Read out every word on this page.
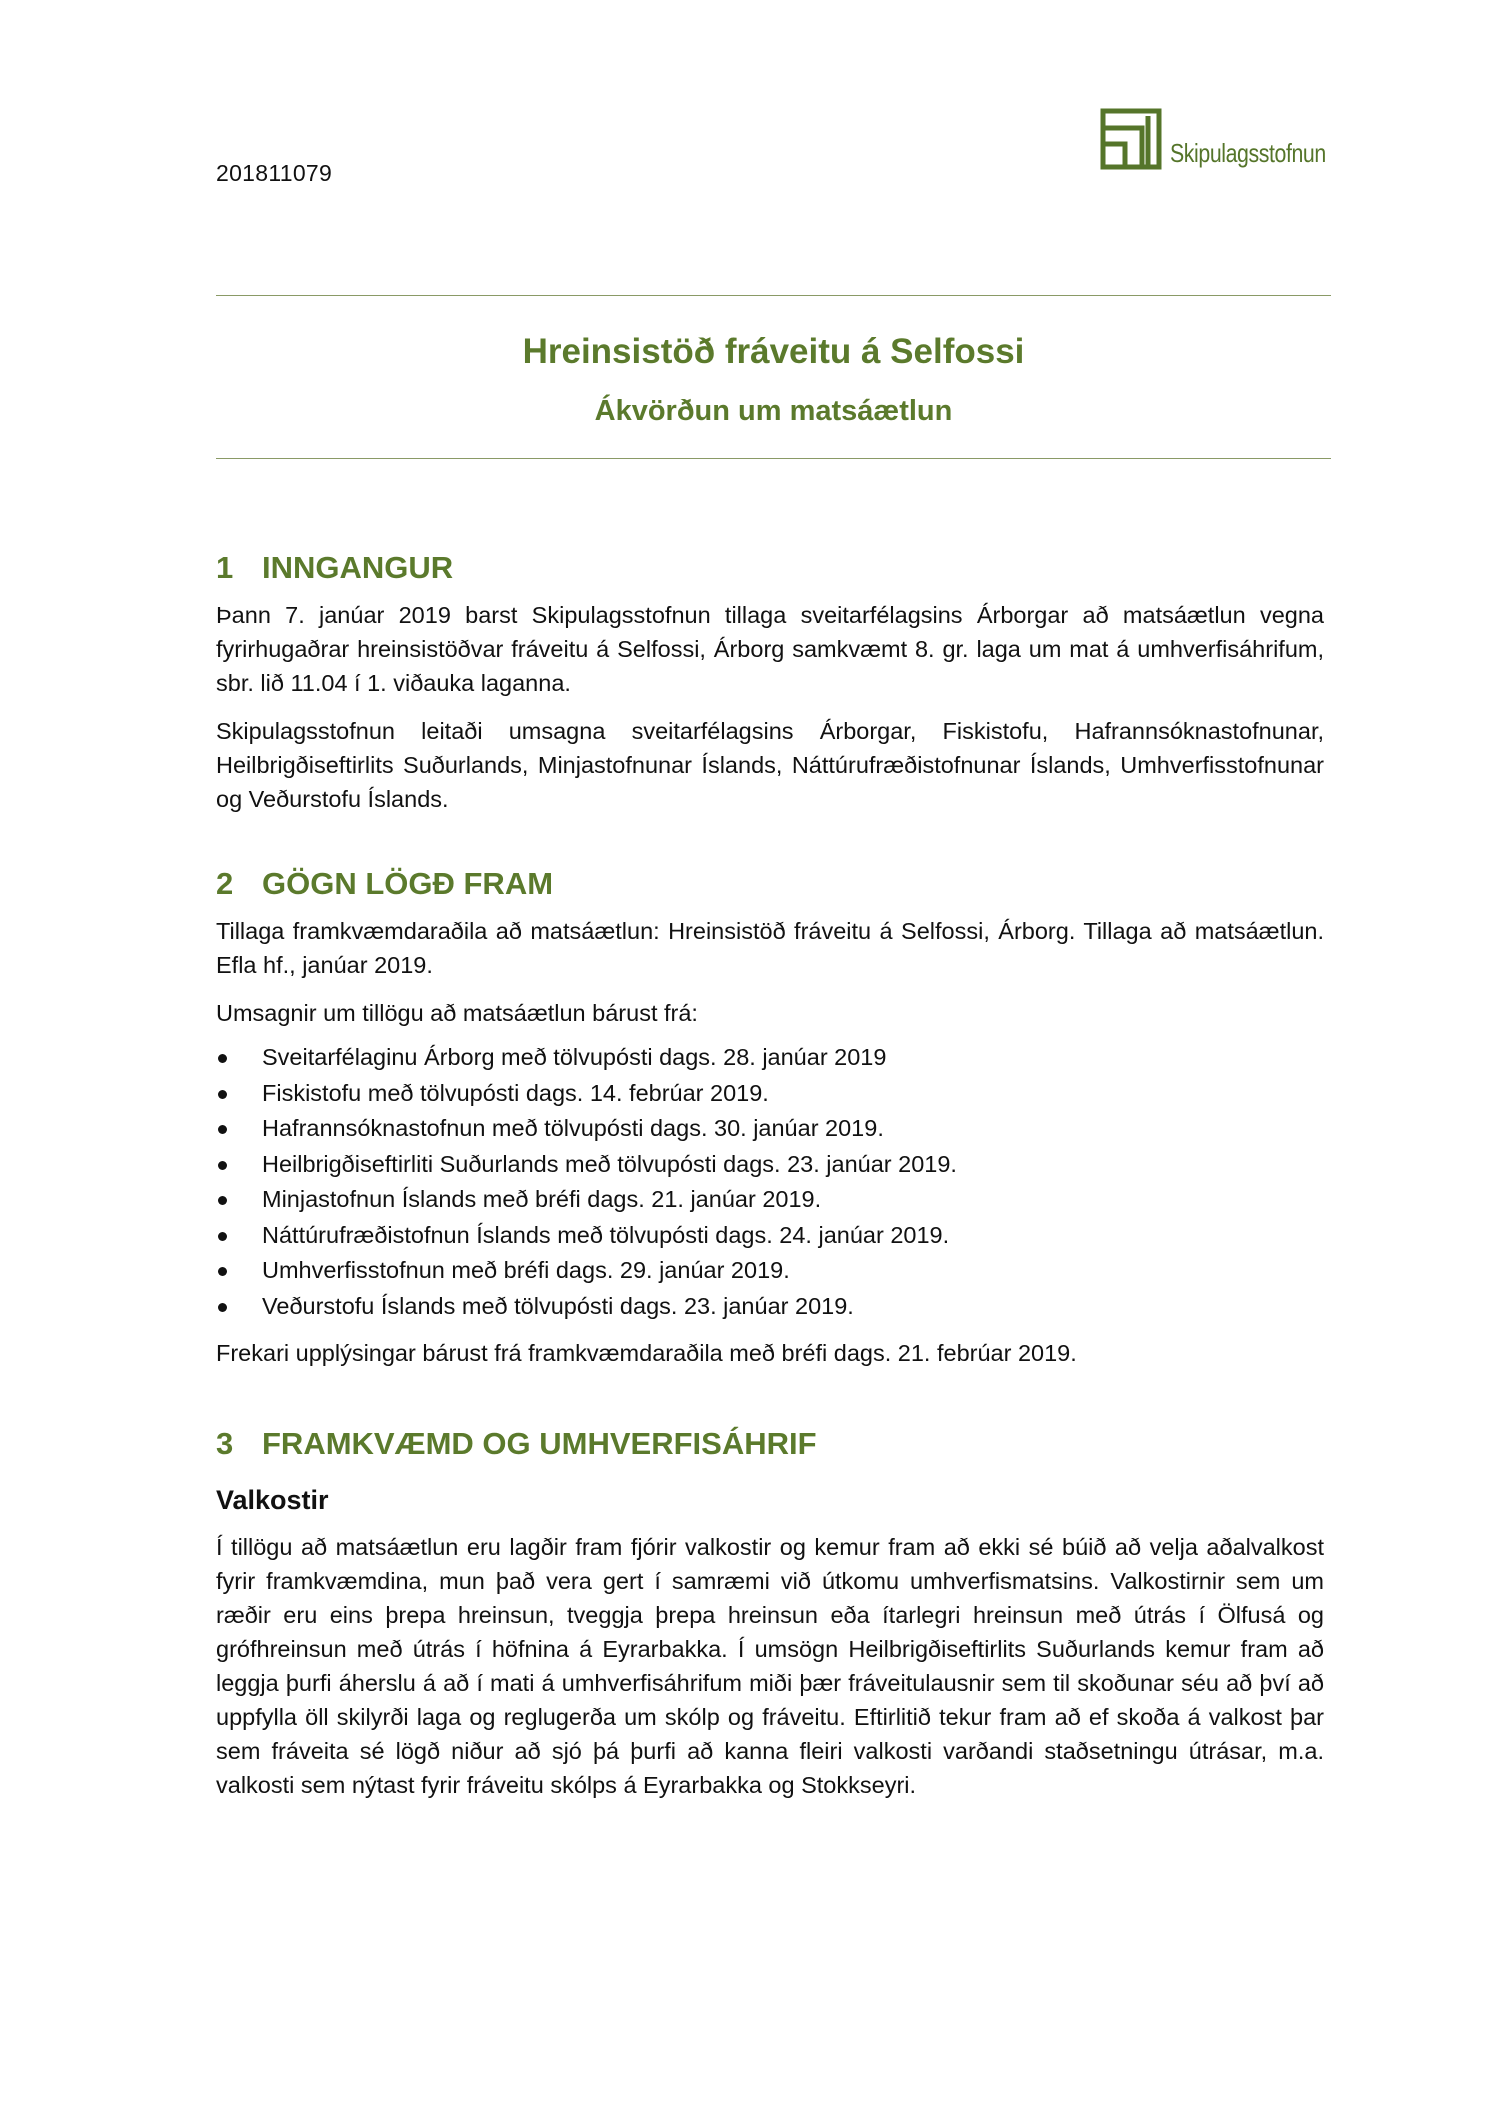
201811079
Skipulagsstofnun
Hreinsistöð fráveitu á Selfossi
Ákvörðun um matsáætlun
1 INNGANGUR

Þann 7. janúar 2019 barst Skipulagsstofnun tillaga sveitarfélagsins Árborgar að matsáætlun vegna fyrirhugaðrar hreinsistöðvar fráveitu á Selfossi, Árborg samkvæmt 8. gr. laga um mat á umhverfisáhrifum, sbr. lið 11.04 í 1. viðauka laganna.

Skipulagsstofnun leitaði umsagna sveitarfélagsins Árborgar, Fiskistofu, Hafrannsóknastofnunar, Heilbrigðiseftirlits Suðurlands, Minjastofnunar Íslands, Náttúrufræðistofnunar Íslands, Umhverfisstofnunar og Veðurstofu Íslands.

2 GÖGN LÖGÐ FRAM

Tillaga framkvæmdaraðila að matsáætlun: Hreinsistöð fráveitu á Selfossi, Árborg. Tillaga að matsáætlun. Efla hf., janúar 2019.

Umsagnir um tillögu að matsáætlun bárust frá:

Sveitarfélaginu Árborg með tölvupósti dags. 28. janúar 2019
Fiskistofu með tölvupósti dags. 14. febrúar 2019.
Hafrannsóknastofnun með tölvupósti dags. 30. janúar 2019.
Heilbrigðiseftirliti Suðurlands með tölvupósti dags. 23. janúar 2019.
Minjastofnun Íslands með bréfi dags. 21. janúar 2019.
Náttúrufræðistofnun Íslands með tölvupósti dags. 24. janúar 2019.
Umhverfisstofnun með bréfi dags. 29. janúar 2019.
Veðurstofu Íslands með tölvupósti dags. 23. janúar 2019.

Frekari upplýsingar bárust frá framkvæmdaraðila með bréfi dags. 21. febrúar 2019.

3 FRAMKVÆMD OG UMHVERFISÁHRIF
Valkostir

Í tillögu að matsáætlun eru lagðir fram fjórir valkostir og kemur fram að ekki sé búið að velja aðalvalkost fyrir framkvæmdina, mun það vera gert í samræmi við útkomu umhverfismatsins. Valkostirnir sem um ræðir eru eins þrepa hreinsun, tveggja þrepa hreinsun eða ítarlegri hreinsun með útrás í Ölfusá og grófhreinsun með útrás í höfnina á Eyrarbakka. Í umsögn Heilbrigðiseftirlits Suðurlands kemur fram að leggja þurfi áherslu á að í mati á umhverfisáhrifum miði þær fráveitulausnir sem til skoðunar séu að því að uppfylla öll skilyrði laga og reglugerða um skólp og fráveitu. Eftirlitið tekur fram að ef skoða á valkost þar sem fráveita sé lögð niður að sjó þá þurfi að kanna fleiri valkosti varðandi staðsetningu útrásar, m.a. valkosti sem nýtast fyrir fráveitu skólps á Eyrarbakka og Stokkseyri.
